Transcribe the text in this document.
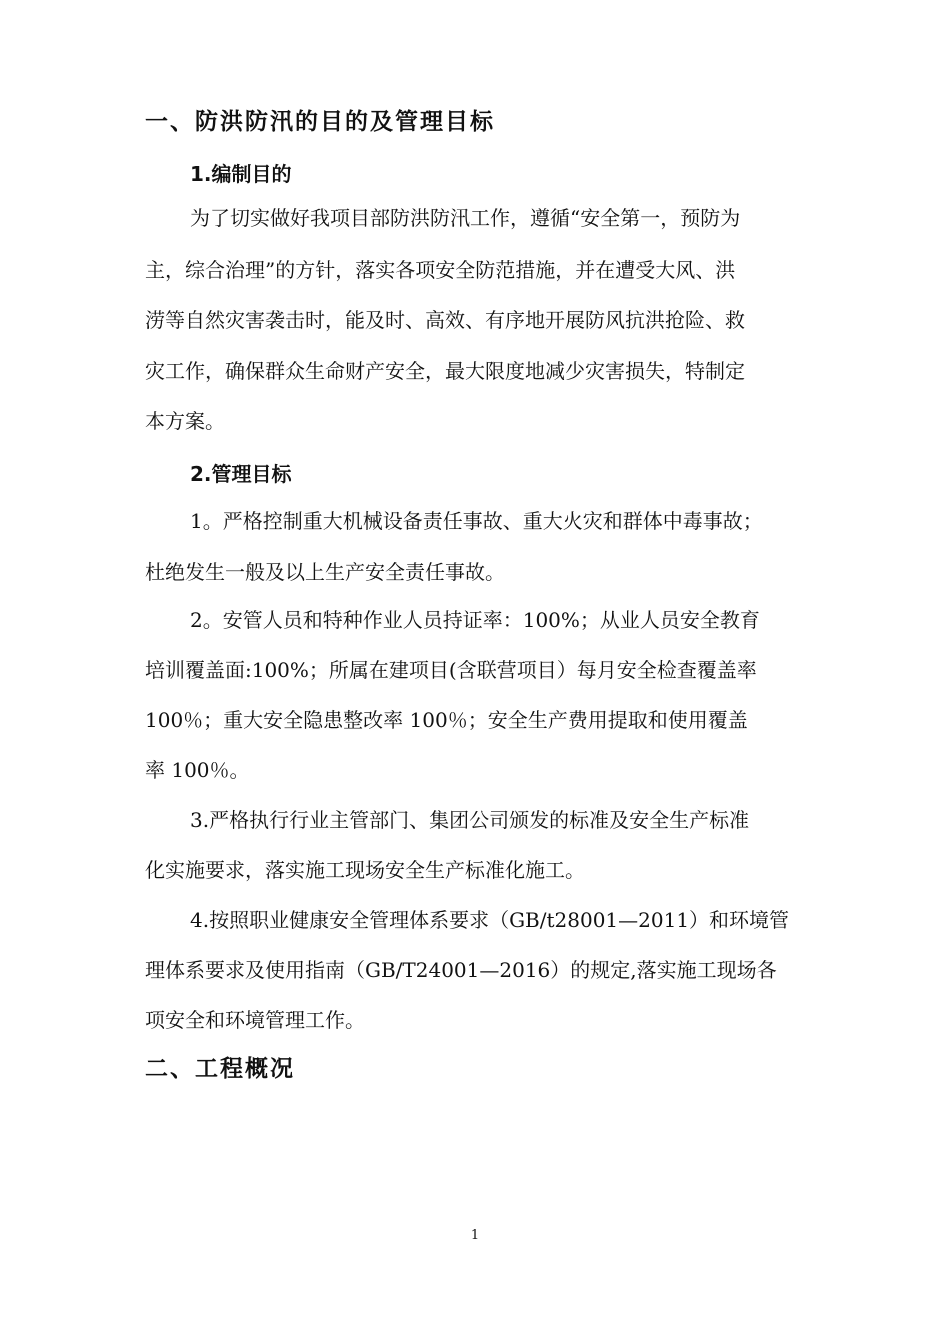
一、防洪防汛的目的及管理目标
1.编制目的
为了切实做好我项目部防洪防汛工作，遵循“安全第一，预防为
主，综合治理”的方针，落实各项安全防范措施，并在遭受大风、洪
涝等自然灾害袭击时，能及时、高效、有序地开展防风抗洪抢险、救
灾工作，确保群众生命财产安全，最大限度地减少灾害损失，特制定
本方案。
2.管理目标
1。严格控制重大机械设备责任事故、重大火灾和群体中毒事故；
杜绝发生一般及以上生产安全责任事故。
2。安管人员和特种作业人员持证率：100%；从业人员安全教育
培训覆盖面:100%；所属在建项目(含联营项目）每月安全检查覆盖率
100％；重大安全隐患整改率 100％；安全生产费用提取和使用覆盖
率 100％。
3.严格执行行业主管部门、集团公司颁发的标准及安全生产标准
化实施要求，落实施工现场安全生产标准化施工。
4.按照职业健康安全管理体系要求（GB/t28001—2011）和环境管
理体系要求及使用指南（GB/T24001—2016）的规定,落实施工现场各
项安全和环境管理工作。
二、工程概况
1
